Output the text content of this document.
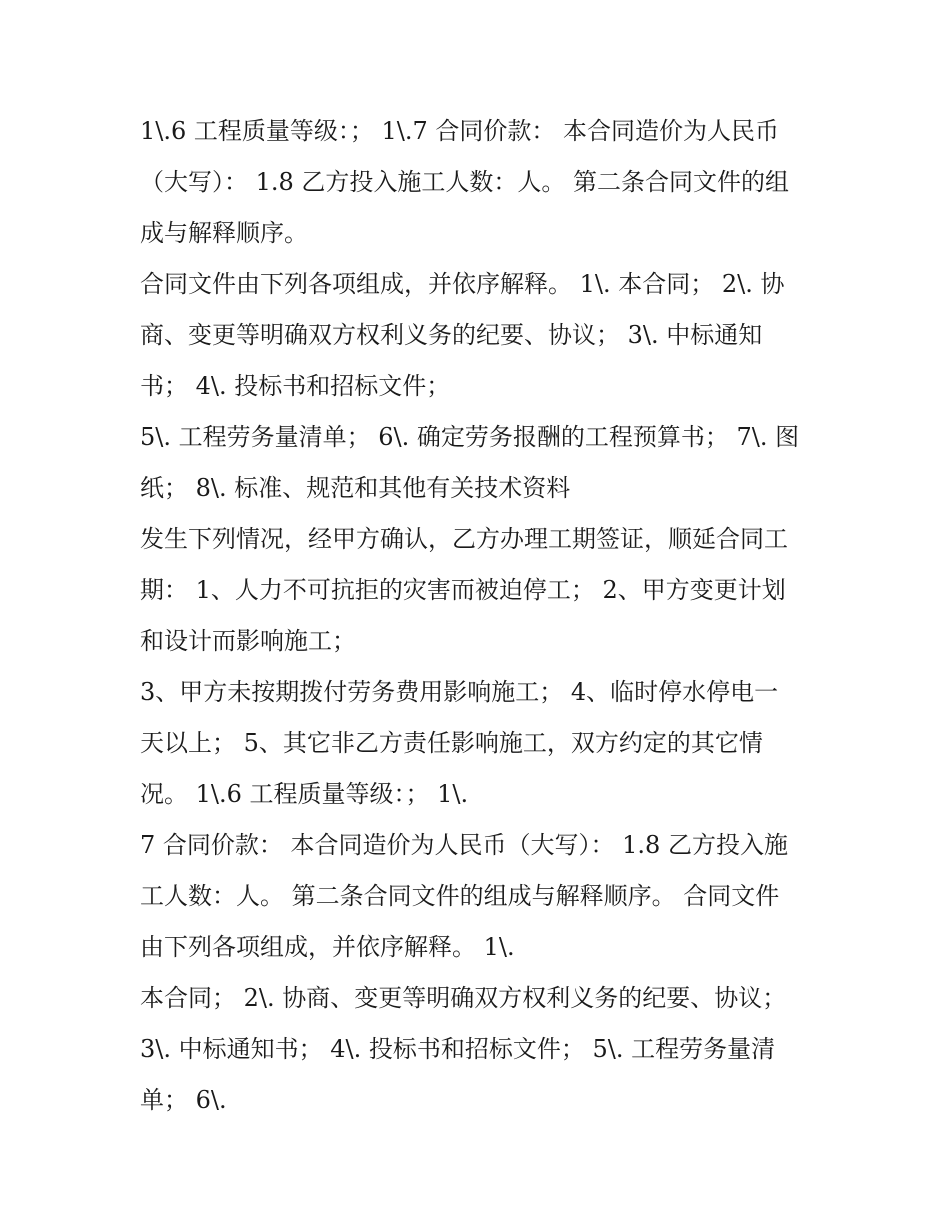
1\.6 工程质量等级：； 1\.7 合同价款： 本合同造价为人民币
（大写）： 1.8 乙方投入施工人数：人。 第二条合同文件的组
成与解释顺序。
合同文件由下列各项组成，并依序解释。 1\. 本合同； 2\. 协
商、变更等明确双方权利义务的纪要、协议； 3\. 中标通知
书； 4\. 投标书和招标文件；
5\. 工程劳务量清单； 6\. 确定劳务报酬的工程预算书； 7\. 图
纸； 8\. 标准、规范和其他有关技术资料
发生下列情况，经甲方确认，乙方办理工期签证，顺延合同工
期： 1、人力不可抗拒的灾害而被迫停工； 2、甲方变更计划
和设计而影响施工；
3、甲方未按期拨付劳务费用影响施工； 4、临时停水停电一
天以上； 5、其它非乙方责任影响施工，双方约定的其它情
况。 1\.6 工程质量等级：； 1\.
7 合同价款： 本合同造价为人民币（大写）： 1.8 乙方投入施
工人数：人。 第二条合同文件的组成与解释顺序。 合同文件
由下列各项组成，并依序解释。 1\.
本合同； 2\. 协商、变更等明确双方权利义务的纪要、协议；
3\. 中标通知书； 4\. 投标书和招标文件； 5\. 工程劳务量清
单； 6\.
